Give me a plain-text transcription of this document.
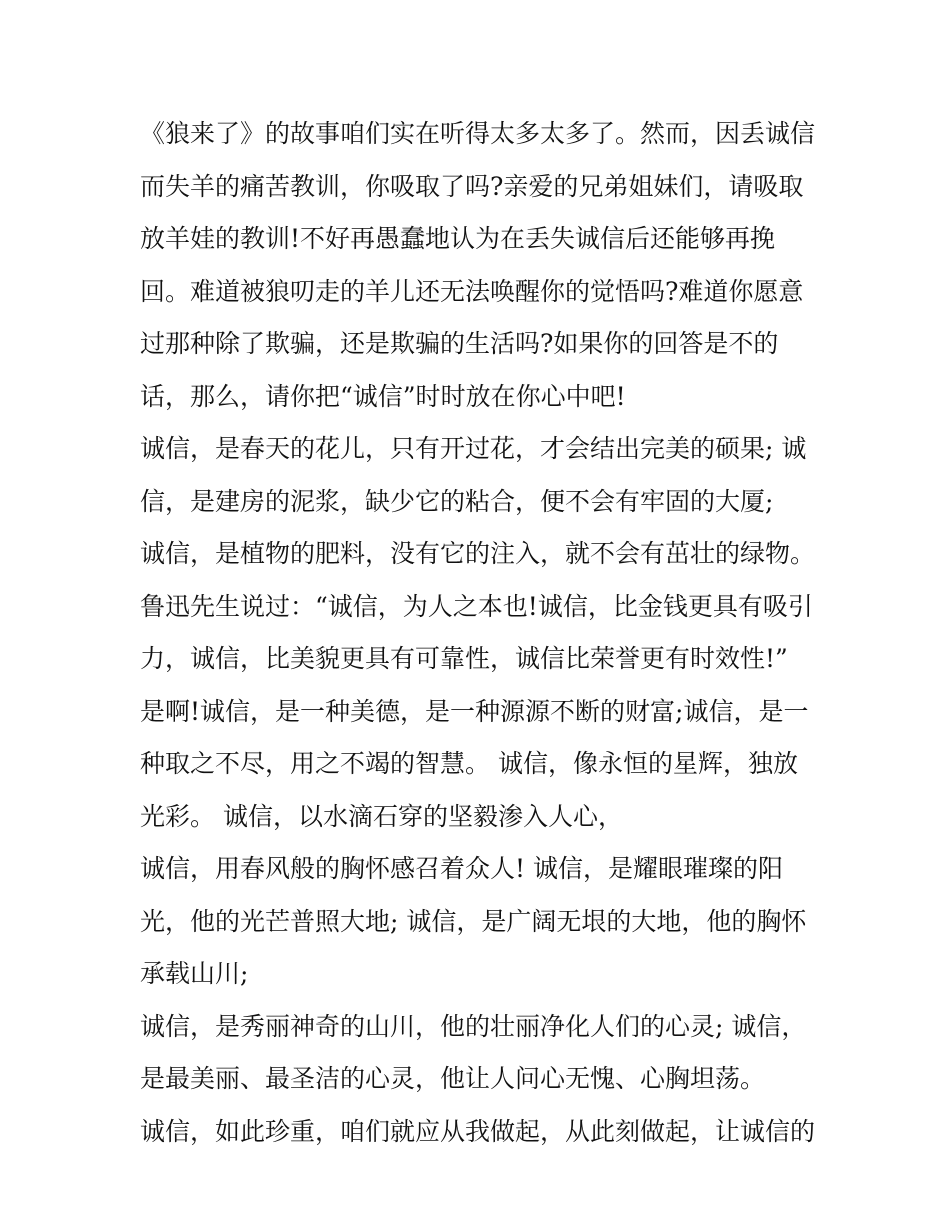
《狼来了》的故事咱们实在听得太多太多了。然而，因丢诚信
而失羊的痛苦教训，你吸取了吗?亲爱的兄弟姐妹们，请吸取
放羊娃的教训!不好再愚蠢地认为在丢失诚信后还能够再挽
回。难道被狼叨走的羊儿还无法唤醒你的觉悟吗?难道你愿意
过那种除了欺骗，还是欺骗的生活吗?如果你的回答是不的
话，那么，请你把“诚信”时时放在你心中吧!
诚信，是春天的花儿，只有开过花，才会结出完美的硕果; 诚
信，是建房的泥浆，缺少它的粘合，便不会有牢固的大厦;
诚信，是植物的肥料，没有它的注入，就不会有茁壮的绿物。
鲁迅先生说过：“诚信，为人之本也!诚信，比金钱更具有吸引
力，诚信，比美貌更具有可靠性，诚信比荣誉更有时效性!”
是啊!诚信，是一种美德，是一种源源不断的财富;诚信，是一
种取之不尽，用之不竭的智慧。 诚信，像永恒的星辉，独放
光彩。 诚信，以水滴石穿的坚毅渗入人心，
诚信，用春风般的胸怀感召着众人! 诚信，是耀眼璀璨的阳
光，他的光芒普照大地; 诚信，是广阔无垠的大地，他的胸怀
承载山川;
诚信，是秀丽神奇的山川，他的壮丽净化人们的心灵; 诚信，
是最美丽、最圣洁的心灵，他让人问心无愧、心胸坦荡。
诚信，如此珍重，咱们就应从我做起，从此刻做起，让诚信的
